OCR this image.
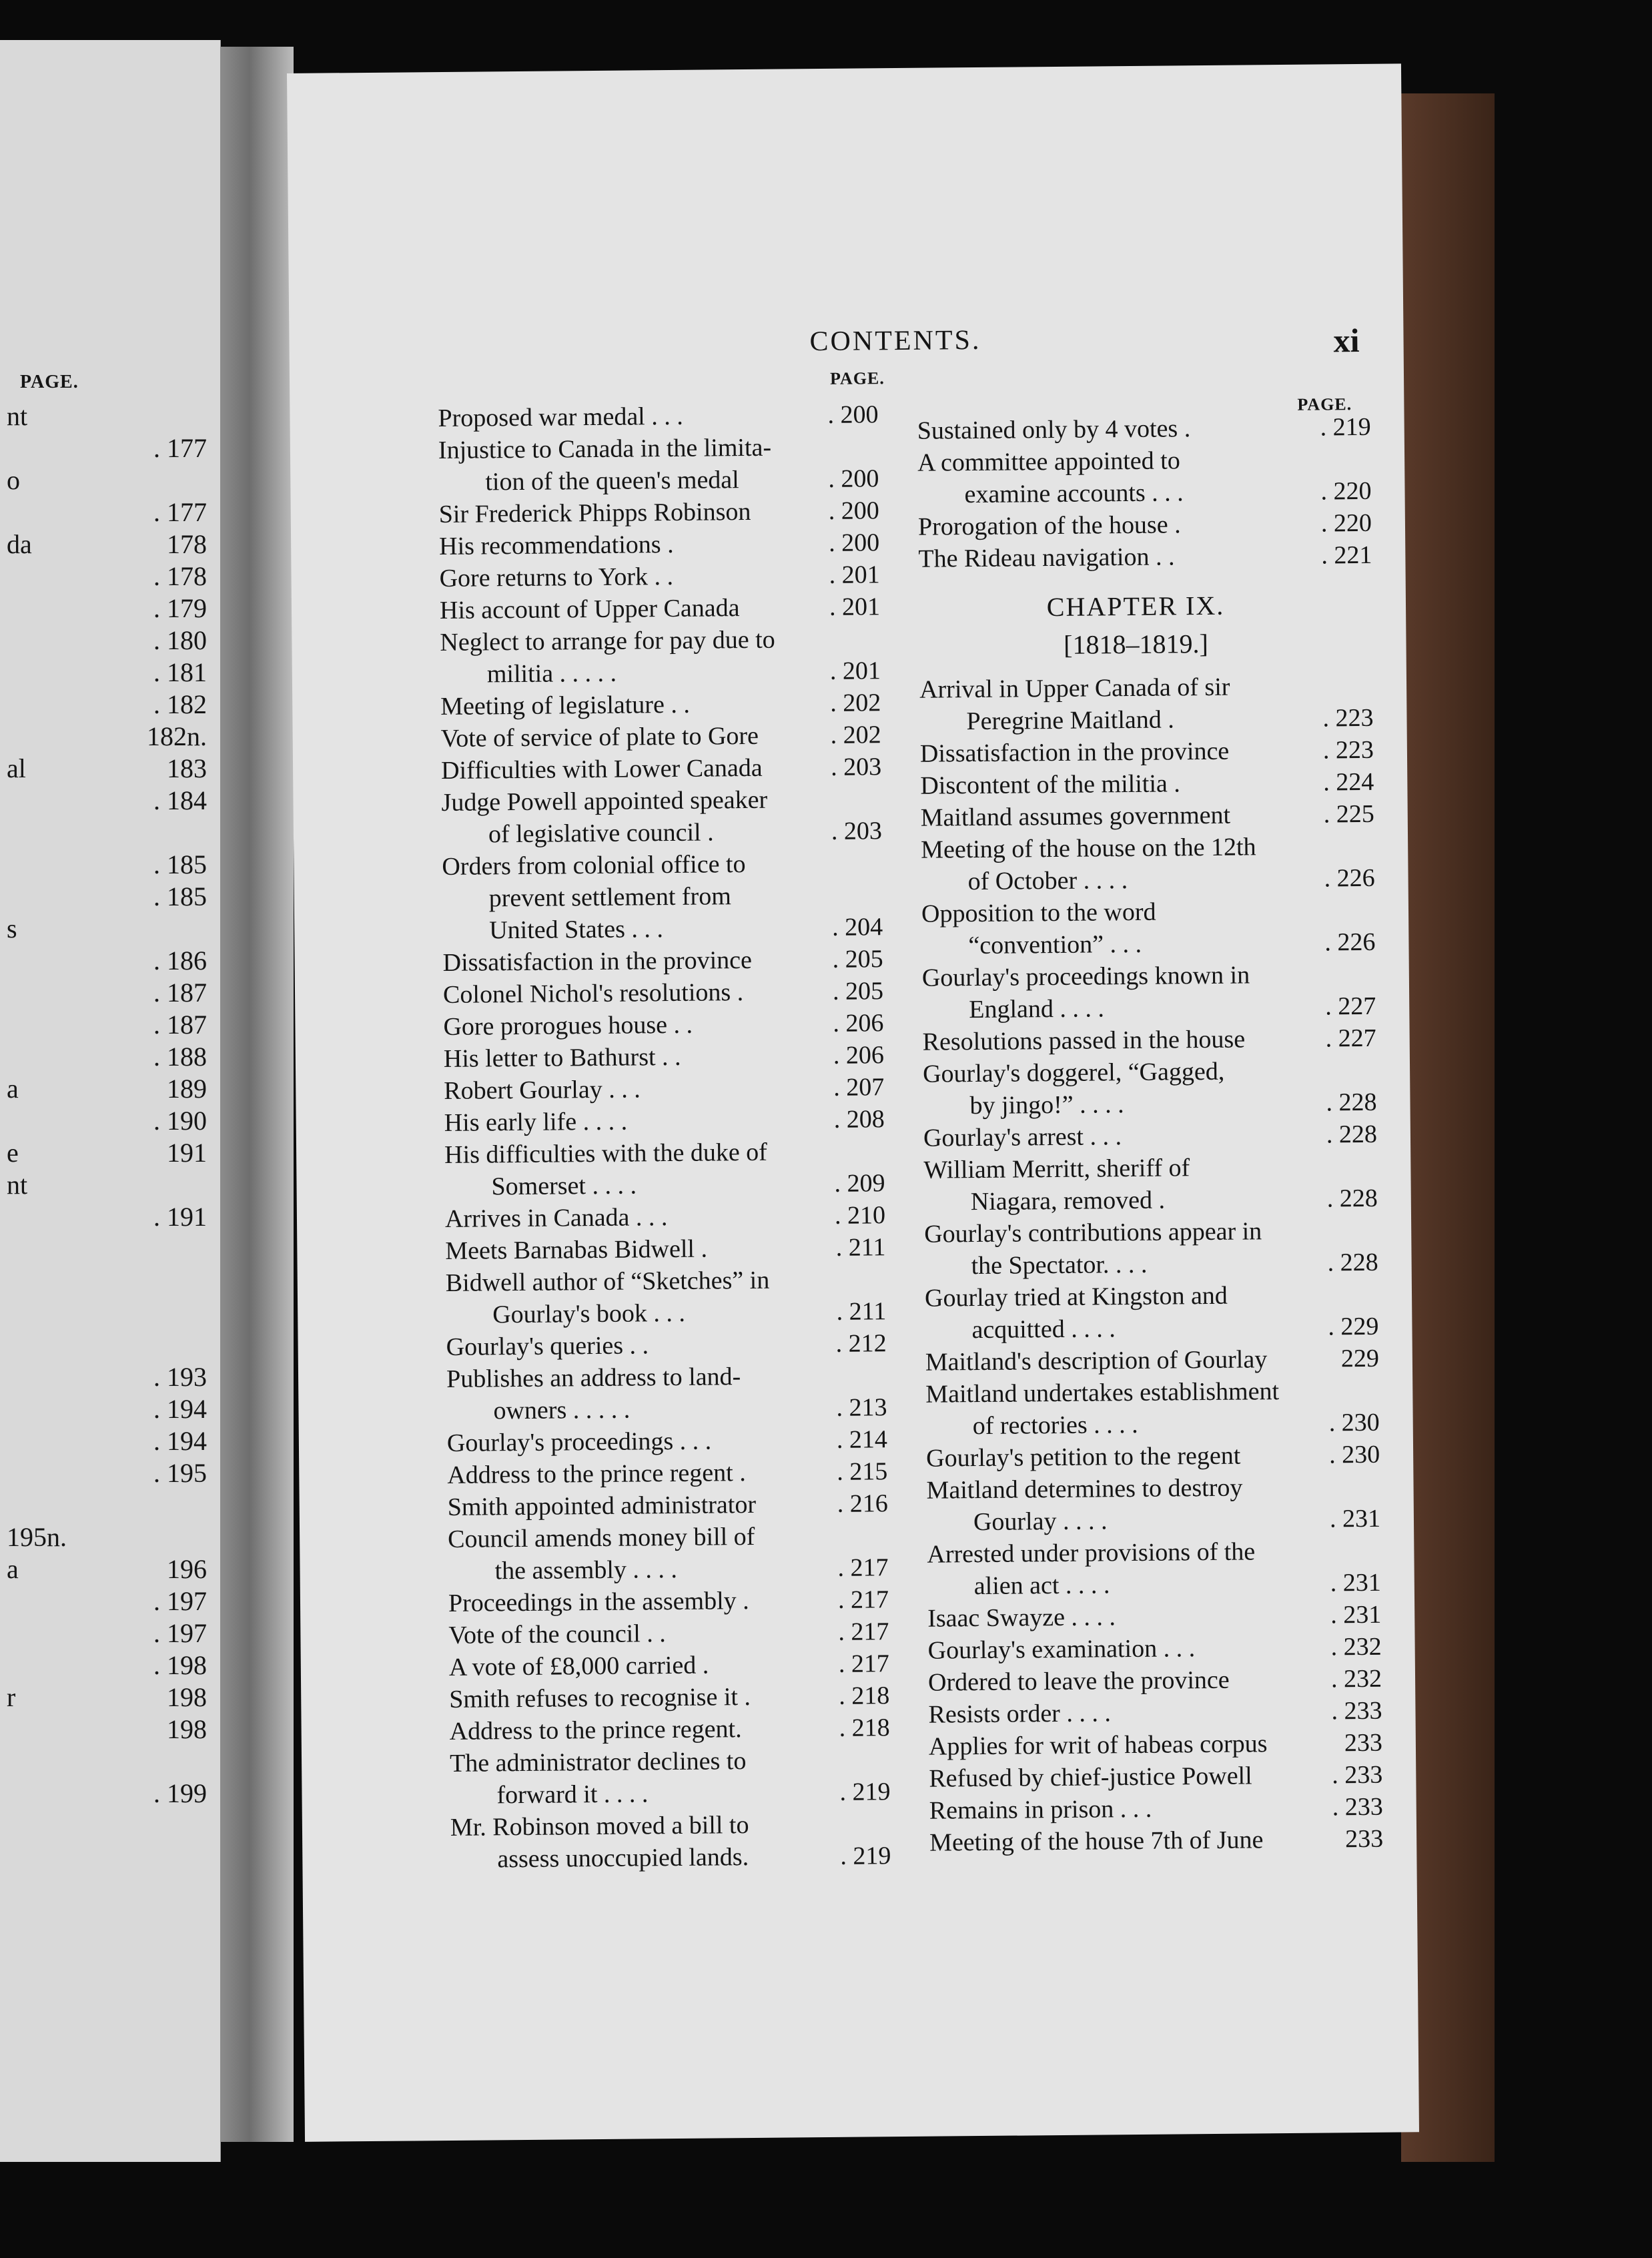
PAGE.
nt
. 177
o
. 177
da	178
. 178
. 179
. 180
. 181
. 182
182n.
al	183
. 184
. 185
. 185
s
. 186
. 187
. 187
. 188
a	189
. 190
e	191
nt
. 191
. 193
. 194
. 194
. 195
195n.
a	196
. 197
. 197
. 198
r	198
198
. 199
CONTENTS.	xi
PAGE.
Proposed war medal . . .	. 200
Injustice to Canada in the limita-
tion of the queen's medal	. 200
Sir Frederick Phipps Robinson	. 200
His recommendations .	. 200
Gore returns to York . .	. 201
His account of Upper Canada	. 201
Neglect to arrange for pay due to
militia . . . . .	. 201
Meeting of legislature . .	. 202
Vote of service of plate to Gore	. 202
Difficulties with Lower Canada	. 203
Judge Powell appointed speaker
of legislative council .	. 203
Orders from colonial office to
prevent settlement from
United States . . .	. 204
Dissatisfaction in the province	. 205
Colonel Nichol's resolutions .	. 205
Gore prorogues house . .	. 206
His letter to Bathurst . .	. 206
Robert Gourlay . . .	. 207
His early life . . . .	. 208
His difficulties with the duke of
Somerset . . . .	. 209
Arrives in Canada . . .	. 210
Meets Barnabas Bidwell .	. 211
Bidwell author of “Sketches” in
Gourlay's book . . .	. 211
Gourlay's queries . .	. 212
Publishes an address to land-
owners . . . . .	. 213
Gourlay's proceedings . . .	. 214
Address to the prince regent .	. 215
Smith appointed administrator	. 216
Council amends money bill of
the assembly . . . .	. 217
Proceedings in the assembly .	. 217
Vote of the council . .	. 217
A vote of £8,000 carried .	. 217
Smith refuses to recognise it .	. 218
Address to the prince regent.	. 218
The administrator declines to
forward it . . . .	. 219
Mr. Robinson moved a bill to
assess unoccupied lands.	. 219
PAGE.
Sustained only by 4 votes .	. 219
A committee appointed to
examine accounts . . .	. 220
Prorogation of the house .	. 220
The Rideau navigation . .	. 221
CHAPTER IX.
[1818–1819.]
Arrival in Upper Canada of sir
Peregrine Maitland .	. 223
Dissatisfaction in the province	. 223
Discontent of the militia .	. 224
Maitland assumes government	. 225
Meeting of the house on the 12th
of October . . . .	. 226
Opposition to the word
“convention” . . .	. 226
Gourlay's proceedings known in
England . . . .	. 227
Resolutions passed in the house	. 227
Gourlay's doggerel, “Gagged,
by jingo!” . . . .	. 228
Gourlay's arrest . . .	. 228
William Merritt, sheriff of
Niagara, removed .	. 228
Gourlay's contributions appear in
the Spectator. . . .	. 228
Gourlay tried at Kingston and
acquitted . . . .	. 229
Maitland's description of Gourlay	229
Maitland undertakes establishment
of rectories . . . .	. 230
Gourlay's petition to the regent	. 230
Maitland determines to destroy
Gourlay . . . .	. 231
Arrested under provisions of the
alien act . . . .	. 231
Isaac Swayze . . . .	. 231
Gourlay's examination . . .	. 232
Ordered to leave the province	. 232
Resists order . . . .	. 233
Applies for writ of habeas corpus	233
Refused by chief-justice Powell	. 233
Remains in prison . . .	. 233
Meeting of the house 7th of June	233
